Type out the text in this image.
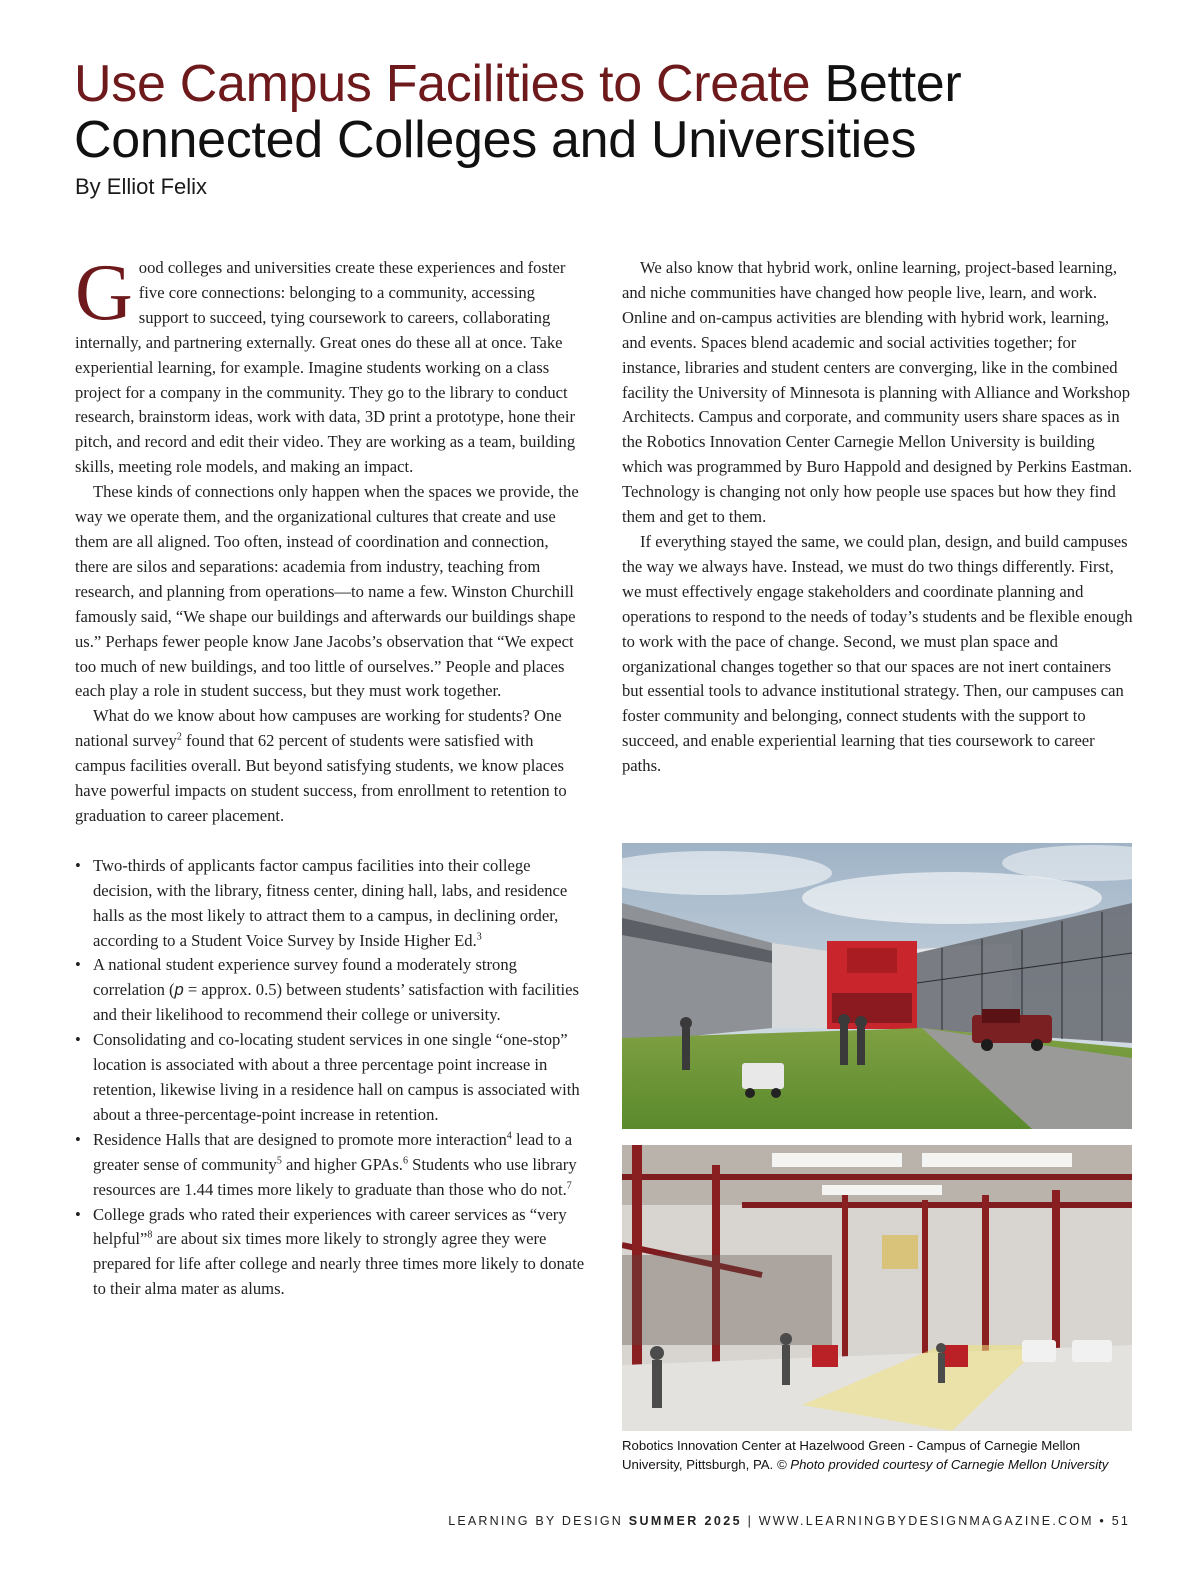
Use Campus Facilities to Create Better Connected Colleges and Universities

By Elliot Felix

Good colleges and universities create these experiences and foster five core connections: belonging to a community, accessing support to succeed, tying coursework to careers, collaborating internally, and partnering externally. Great ones do these all at once. Take experiential learning, for example. Imagine students working on a class project for a company in the community. They go to the library to conduct research, brainstorm ideas, work with data, 3D print a prototype, hone their pitch, and record and edit their video. They are working as a team, building skills, meeting role models, and making an impact.

These kinds of connections only happen when the spaces we provide, the way we operate them, and the organizational cultures that create and use them are all aligned. Too often, instead of coordination and connection, there are silos and separations: academia from industry, teaching from research, and planning from operations—to name a few. Winston Churchill famously said, “We shape our buildings and afterwards our buildings shape us.” Perhaps fewer people know Jane Jacobs’s observation that “We expect too much of new buildings, and too little of ourselves.” People and places each play a role in student success, but they must work together.

What do we know about how campuses are working for students? One national survey$^2$ found that 62 percent of students were satisfied with campus facilities overall. But beyond satisfying students, we know places have powerful impacts on student success, from enrollment to retention to graduation to career placement.

• Two-thirds of applicants factor campus facilities into their college decision, with the library, fitness center, dining hall, labs, and residence halls as the most likely to attract them to a campus, in declining order, according to a Student Voice Survey by Inside Higher Ed.$^3$
• A national student experience survey found a moderately strong correlation (p = approx. 0.5) between students’ satisfaction with facilities and their likelihood to recommend their college or university.
• Consolidating and co-locating student services in one single “one-stop” location is associated with about a three percentage point increase in retention, likewise living in a residence hall on campus is associated with about a three-percentage-point increase in retention.
• Residence Halls that are designed to promote more interaction$^4$ lead to a greater sense of community$^5$ and higher GPAs.$^6$ Students who use library resources are 1.44 times more likely to graduate than those who do not.$^7$
• College grads who rated their experiences with career services as “very helpful”$^8$ are about six times more likely to strongly agree they were prepared for life after college and nearly three times more likely to donate to their alma mater as alums.

We also know that hybrid work, online learning, project-based learning, and niche communities have changed how people live, learn, and work. Online and on-campus activities are blending with hybrid work, learning, and events. Spaces blend academic and social activities together; for instance, libraries and student centers are converging, like in the combined facility the University of Minnesota is planning with Alliance and Workshop Architects. Campus and corporate, and community users share spaces as in the Robotics Innovation Center Carnegie Mellon University is building which was programmed by Buro Happold and designed by Perkins Eastman. Technology is changing not only how people use spaces but how they find them and get to them.

If everything stayed the same, we could plan, design, and build campuses the way we always have. Instead, we must do two things differently. First, we must effectively engage stakeholders and coordinate planning and operations to respond to the needs of today’s students and be flexible enough to work with the pace of change. Second, we must plan space and organizational changes together so that our spaces are not inert containers but essential tools to advance institutional strategy. Then, our campuses can foster community and belonging, connect students with the support to succeed, and enable experiential learning that ties coursework to career paths.

Robotics Innovation Center at Hazelwood Green - Campus of Carnegie Mellon University, Pittsburgh, PA. © Photo provided courtesy of Carnegie Mellon University

LEARNING BY DESIGN SUMMER 2025 | WWW.LEARNINGBYDESIGNMAGAZINE.COM • 51
